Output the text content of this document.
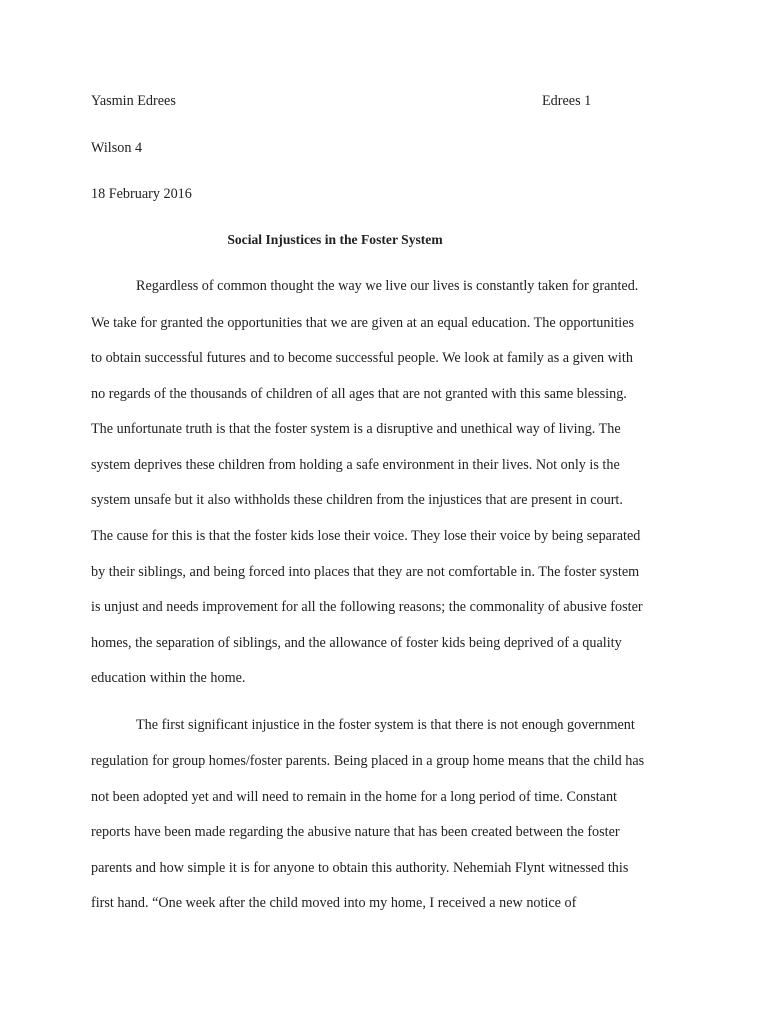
Yasmin Edrees	Edrees 1
Wilson 4
18 February 2016
Social Injustices in the Foster System
Regardless of common thought the way we live our lives is constantly taken for granted.
We take for granted the opportunities that we are given at an equal education. The opportunities
to obtain successful futures and to become successful people. We look at family as a given with
no regards of the thousands of children of all ages that are not granted with this same blessing.
The unfortunate truth is that the foster system is a disruptive and unethical way of living. The
system deprives these children from holding a safe environment in their lives. Not only is the
system unsafe but it also withholds these children from the injustices that are present in court.
The cause for this is that the foster kids lose their voice. They lose their voice by being separated
by their siblings, and being forced into places that they are not comfortable in. The foster system
is unjust and needs improvement for all the following reasons; the commonality of abusive foster
homes, the separation of siblings, and the allowance of foster kids being deprived of a quality
education within the home.
The first significant injustice in the foster system is that there is not enough government
regulation for group homes/foster parents. Being placed in a group home means that the child has
not been adopted yet and will need to remain in the home for a long period of time. Constant
reports have been made regarding the abusive nature that has been created between the foster
parents and how simple it is for anyone to obtain this authority. Nehemiah Flynt witnessed this
first hand. “One week after the child moved into my home, I received a new notice of
